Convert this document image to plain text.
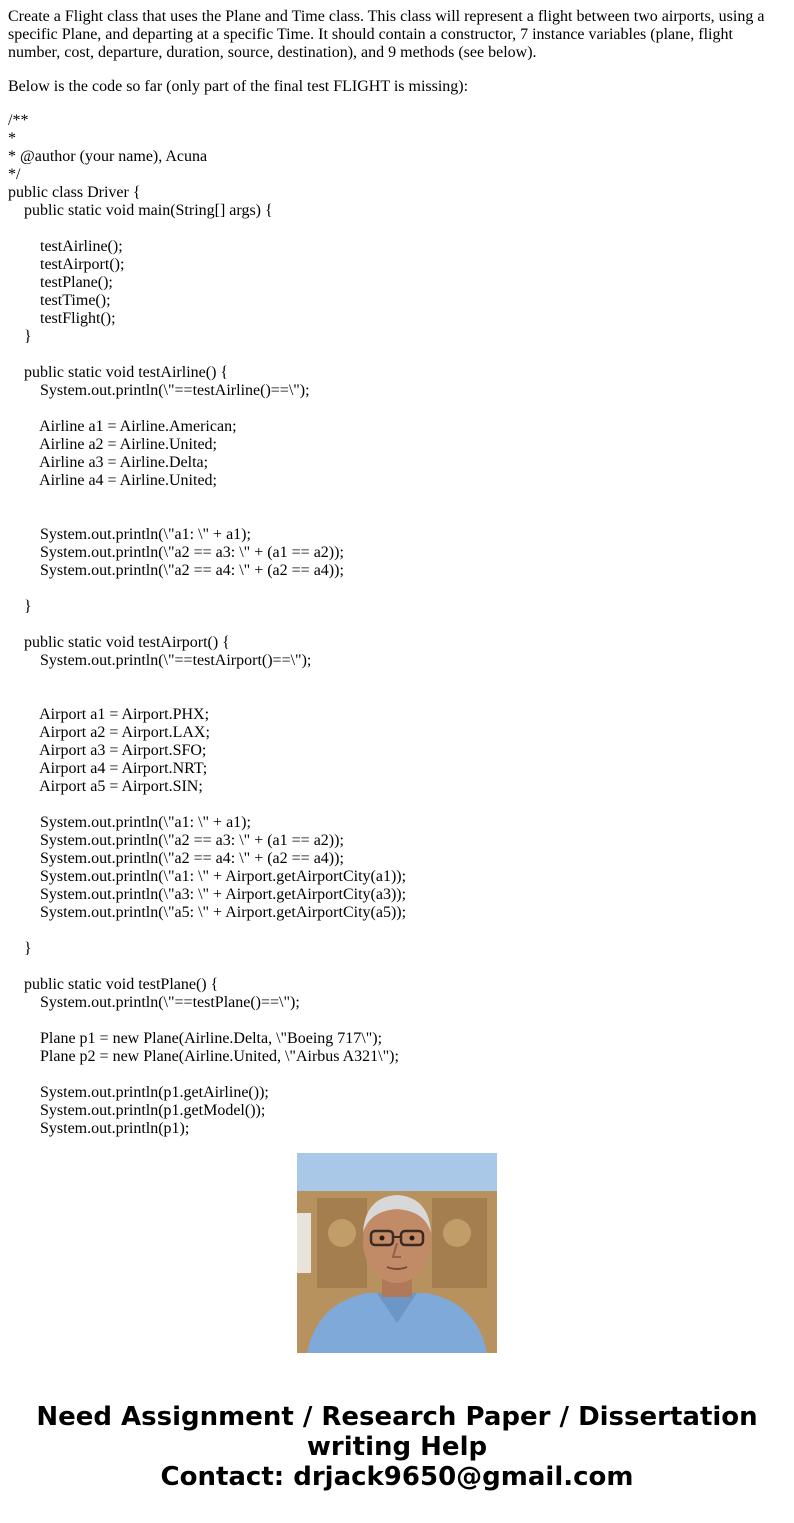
Create a Flight class that uses the Plane and Time class. This class will represent a flight between two airports, using a specific Plane, and departing at a specific Time. It should contain a constructor, 7 instance variables (plane, flight number, cost, departure, duration, source, destination), and 9 methods (see below).

Below is the code so far (only part of the final test FLIGHT is missing):

/**
*
* @author (your name), Acuna
*/
public class Driver {
public static void main(String[] args) {
testAirline();
testAirport();
testPlane();
testTime();
testFlight();
}
public static void testAirline() {
System.out.println(\"==testAirline()==\");
Airline a1 = Airline.American;
Airline a2 = Airline.United;
Airline a3 = Airline.Delta;
Airline a4 = Airline.United;
System.out.println(\"a1: \" + a1);
System.out.println(\"a2 == a3: \" + (a1 == a2));
System.out.println(\"a2 == a4: \" + (a2 == a4));
}
public static void testAirport() {
System.out.println(\"==testAirport()==\");
Airport a1 = Airport.PHX;
Airport a2 = Airport.LAX;
Airport a3 = Airport.SFO;
Airport a4 = Airport.NRT;
Airport a5 = Airport.SIN;
System.out.println(\"a1: \" + a1);
System.out.println(\"a2 == a3: \" + (a1 == a2));
System.out.println(\"a2 == a4: \" + (a2 == a4));
System.out.println(\"a1: \" + Airport.getAirportCity(a1));
System.out.println(\"a3: \" + Airport.getAirportCity(a3));
System.out.println(\"a5: \" + Airport.getAirportCity(a5));
}
public static void testPlane() {
System.out.println(\"==testPlane()==\");
Plane p1 = new Plane(Airline.Delta, \"Boeing 717\");
Plane p2 = new Plane(Airline.United, \"Airbus A321\");
System.out.println(p1.getAirline());
System.out.println(p1.getModel());
System.out.println(p1);
Need Assignment / Research Paper / Dissertation
writing Help
Contact: drjack9650@gmail.com
